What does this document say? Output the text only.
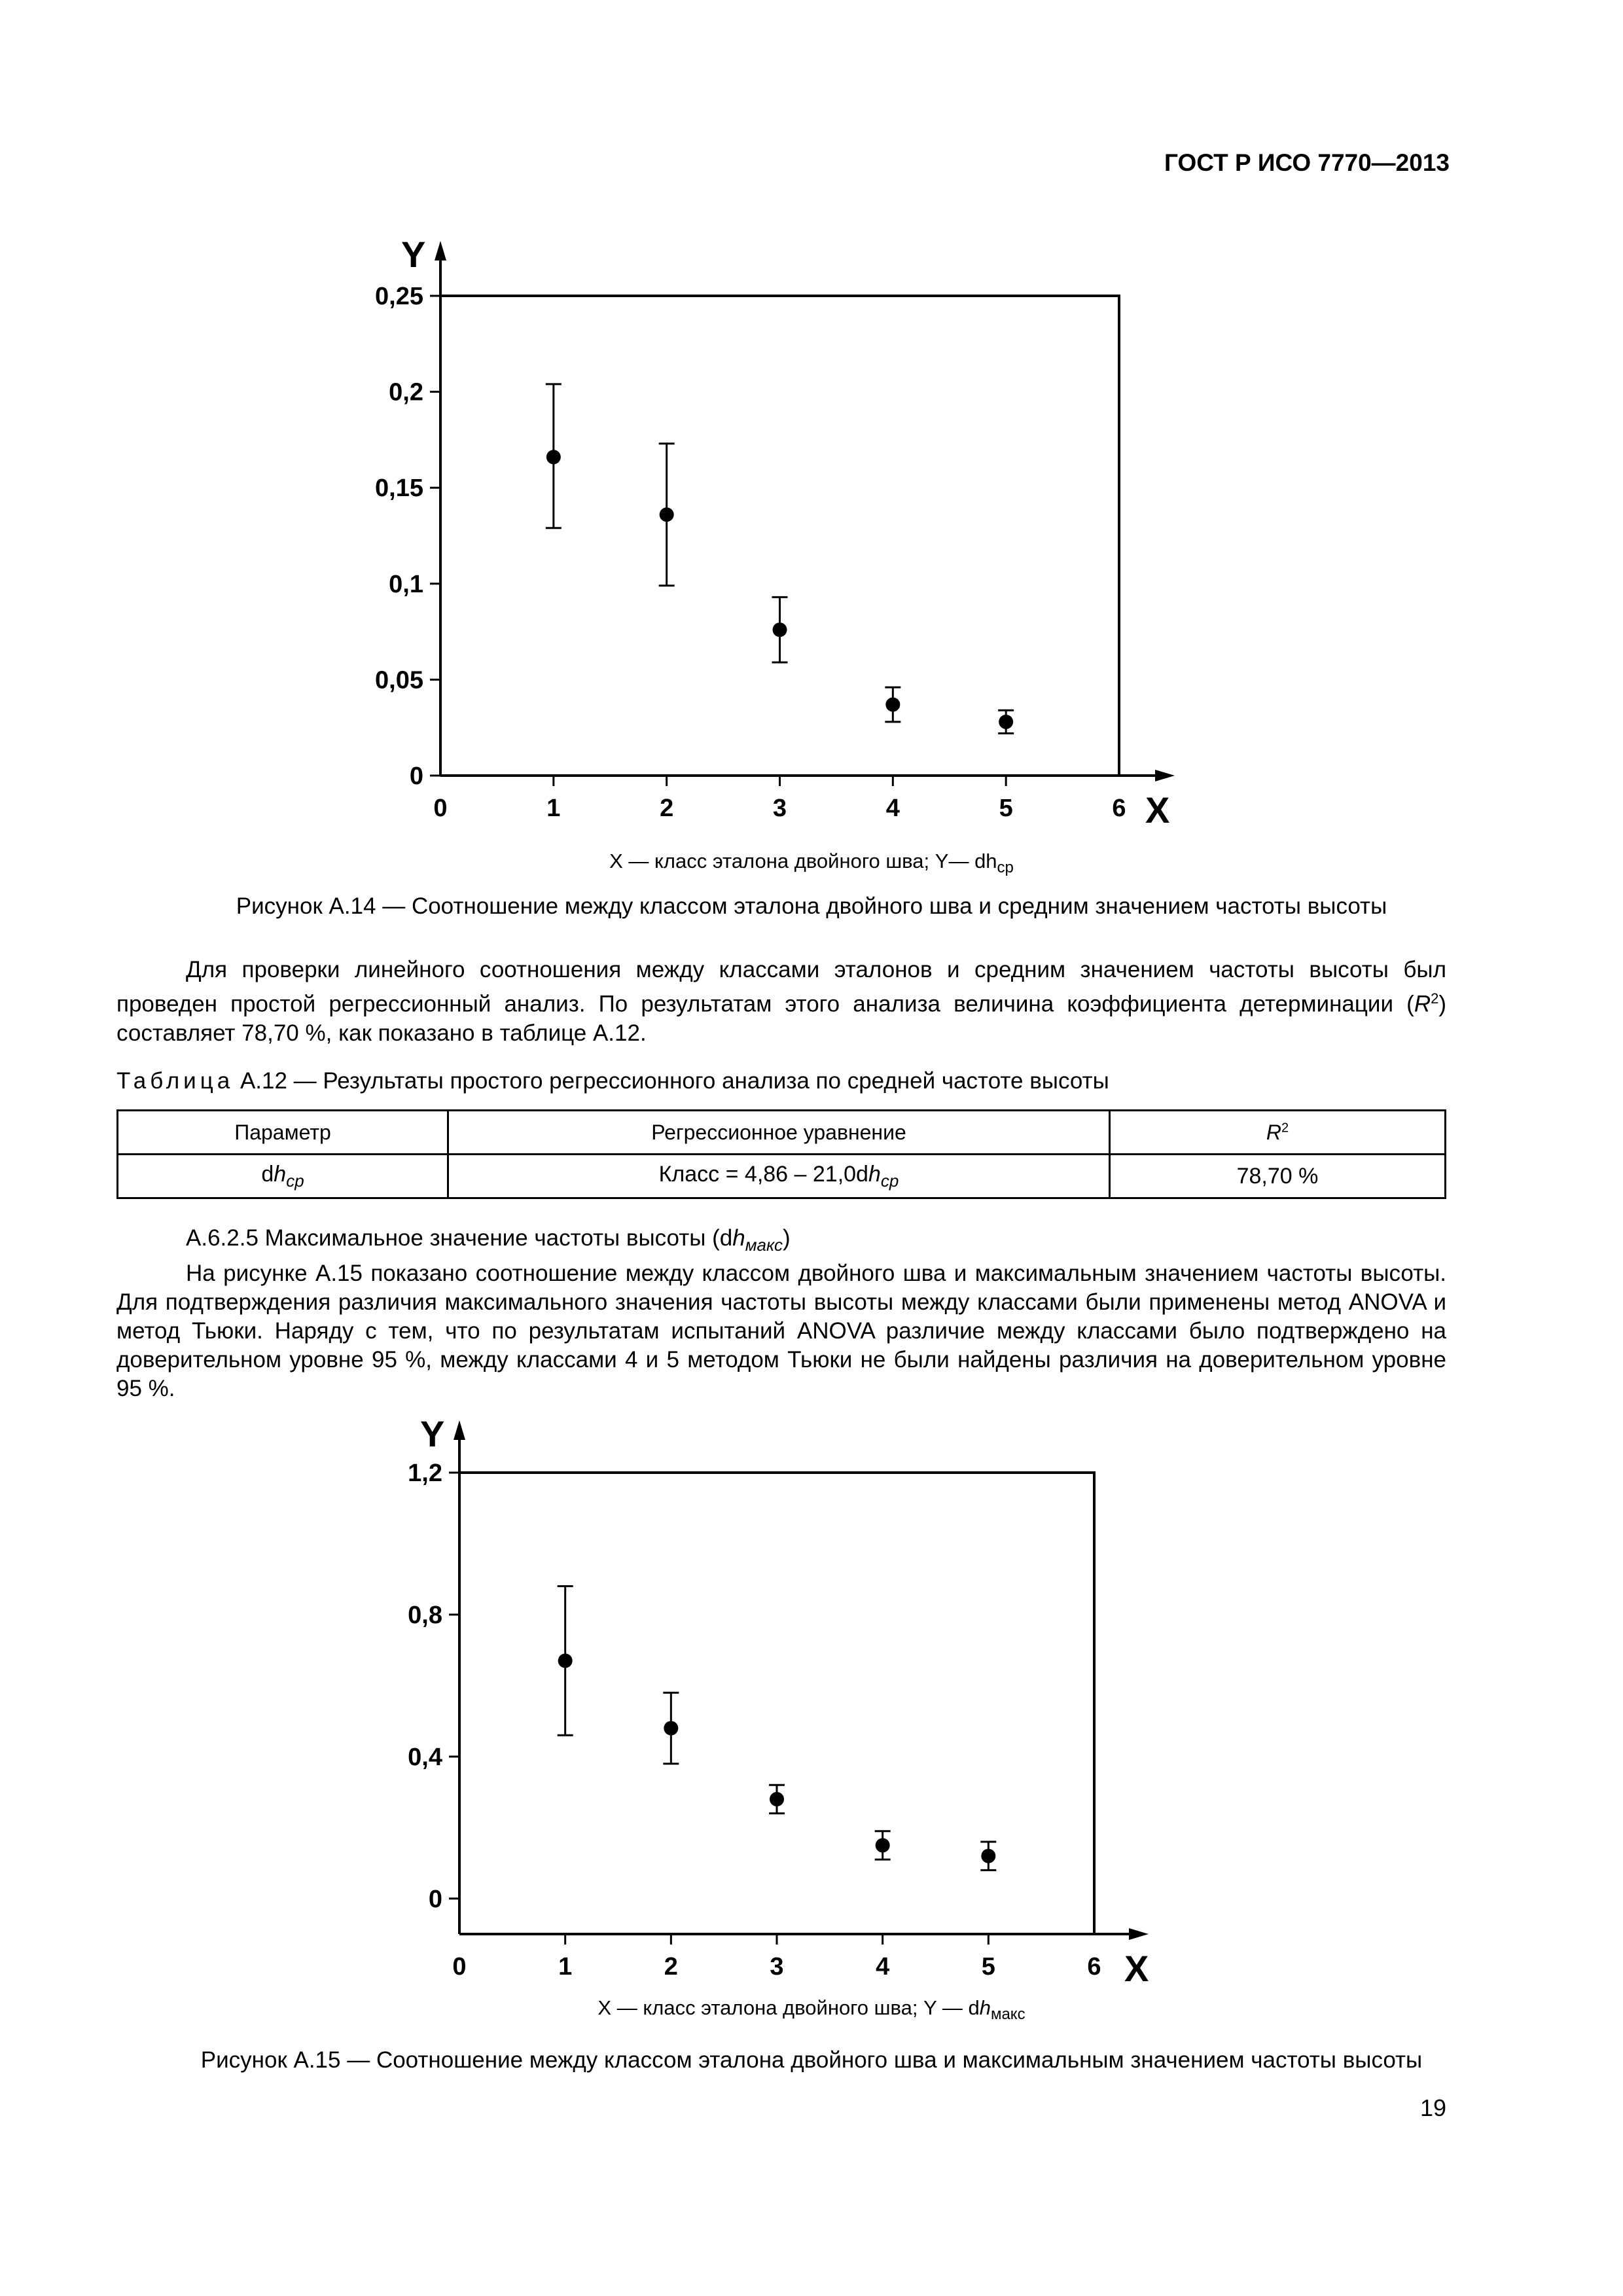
ГОСТ Р ИСО 7770—2013
X
Y
0	1	2	3	4	5	6
0
0,05
0,1
0,15
0,2
0,25
X — класс эталона двойного шва; Y— $dh_{ср}$
Рисунок А.14 — Соотношение между классом эталона двойного шва и средним значением частоты высоты

Для проверки линейного соотношения между классами эталонов и средним значением частоты высоты был проведен простой регрессионный анализ. По результатам этого анализа величина коэффициента детерминации $(R^2)$ составляет 78,70 %, как показано в таблице А.12.

Таблица А.12 — Результаты простого регрессионного анализа по средней частоте высоты
Параметр	Регрессионное уравнение	$R^2$
$dh_{ср}$	Класс = $4,86 - 21,0dh_{ср}$	78,70 %
А.6.2.5 Максимальное значение частоты высоты $(dh_{макс})$

На рисунке А.15 показано соотношение между классом двойного шва и максимальным значением частоты высоты. Для подтверждения различия максимального значения частоты высоты между классами были применены метод ANOVA и метод Тьюки. Наряду с тем, что по результатам испытаний ANOVA различие между классами было подтверждено на доверительном уровне 95 %, между классами 4 и 5 методом Тьюки не были найдены различия на доверительном уровне 95 %.

X
Y
0	1	2	3	4	5	6
0
0,4
0,8
1,2
X — класс эталона двойного шва; Y — $dh_{макс}$
Рисунок А.15 — Соотношение между классом эталона двойного шва и максимальным значением частоты высоты
19
